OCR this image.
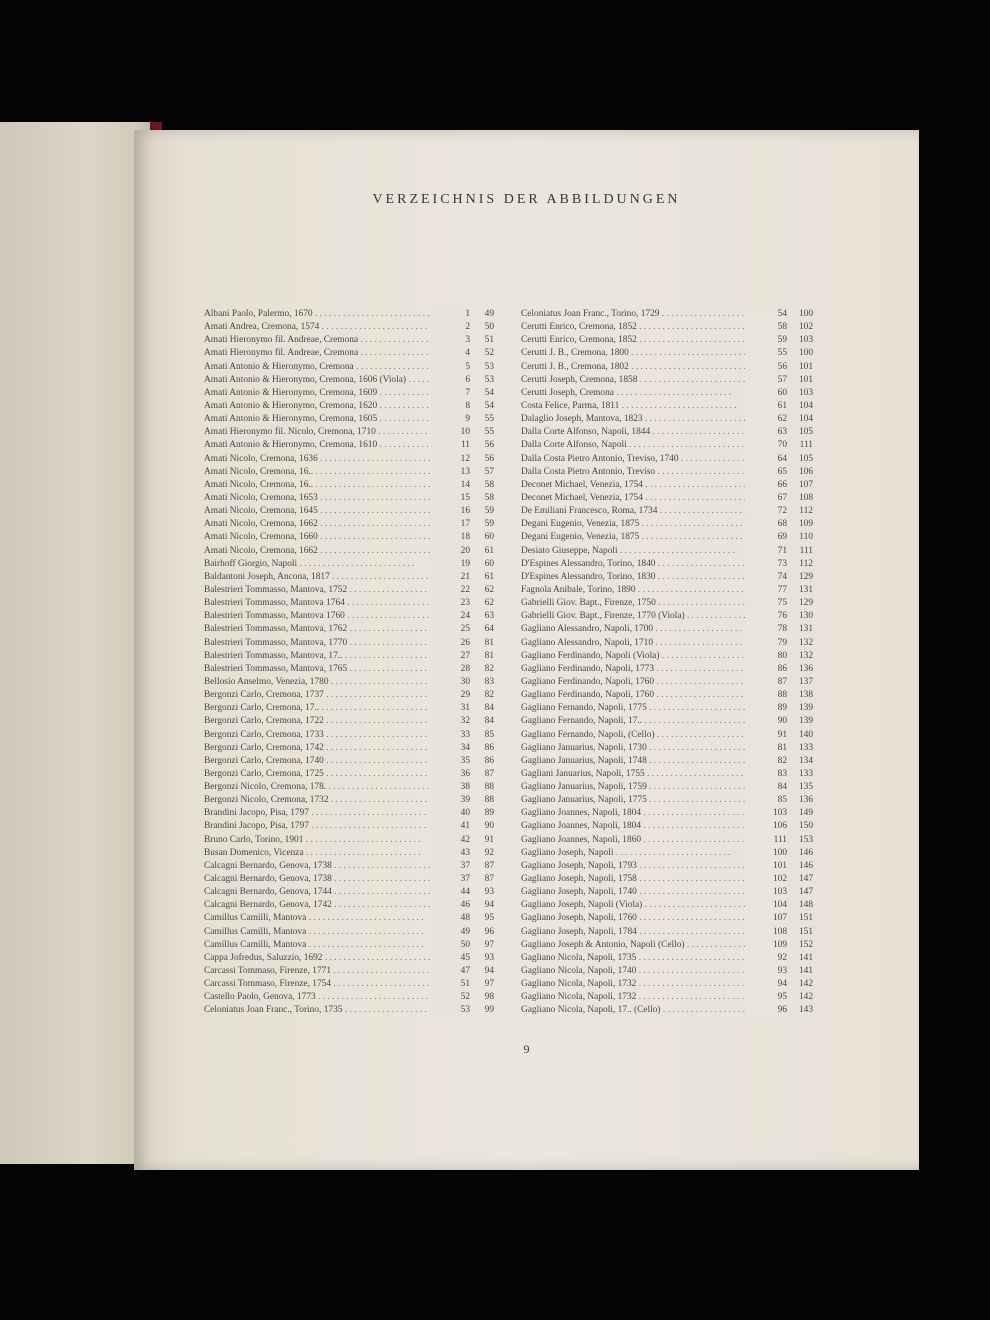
VERZEICHNIS DER ABBILDUNGEN
Albani Paolo, Palermo, 1670 . .	1	49
Amati Andrea, Cremona, 1574 . .	2	50
Amati Hieronymo fil. Andreae, Cremona . .	3	51
Amati Hieronymo fil. Andreae, Cremona . .	4	52
Amati Antonio & Hieronymo, Cremona . .	5	53
Amati Antonio & Hieronymo, Cremona, 1606 (Viola) . .	6	53
Amati Antonio & Hieronymo, Cremona, 1609 . .	7	54
Amati Antonio & Hieronymo, Cremona, 1620 . .	8	54
Amati Antonio & Hieronymo, Cremona, 1605 . .	9	55
Amati Hieronymo fil. Nicolo, Cremona, 1710 . .	10	55
Amati Antonio & Hieronymo, Cremona, 1610 . .	11	56
Amati Nicolo, Cremona, 1636 . .	12	56
Amati Nicolo, Cremona, 16.. . .	13	57
Amati Nicolo, Cremona, 16.. . .	14	58
Amati Nicolo, Cremona, 1653 . .	15	58
Amati Nicolo, Cremona, 1645 . .	16	59
Amati Nicolo, Cremona, 1662 . .	17	59
Amati Nicolo, Cremona, 1660 . .	18	60
Amati Nicolo, Cremona, 1662 . .	20	61
Bairhoff Giorgio, Napoli . .	19	60
Baldantoni Joseph, Ancona, 1817 . .	21	61
Balestrieri Tommasso, Mantova, 1752 . .	22	62
Balestrieri Tommasso, Mantova 1764 . .	23	62
Balestrieri Tommasso, Mantova 1760 . .	24	63
Balestrieri Tommasso, Mantova, 1762 . .	25	64
Balestrieri Tommasso, Mantova, 1770 . .	26	81
Balestrieri Tommasso, Mantova, 17.. . .	27	81
Balestrieri Tommasso, Mantova, 1765 . .	28	82
Bellosio Anselmo, Venezia, 1780 . .	30	83
Bergonzi Carlo, Cremona, 1737 . .	29	82
Bergonzi Carlo, Cremona, 17.. . .	31	84
Bergonzi Carlo, Cremona, 1722 . .	32	84
Bergonzi Carlo, Cremona, 1733 . .	33	85
Bergonzi Carlo, Cremona, 1742 . .	34	86
Bergonzi Carlo, Cremona, 1740 . .	35	86
Bergonzi Carlo, Cremona, 1725 . .	36	87
Bergonzi Nicolo, Cremona, 178. . .	38	88
Bergonzi Nicolo, Cremona, 1732 . .	39	88
Brandini Jacopo, Pisa, 1797 . .	40	89
Brandini Jacopo, Pisa, 1797 . .	41	90
Bruno Carlo, Torino, 1901 . .	42	91
Busan Domenico, Vicenza . .	43	92
Calcagni Bernardo, Genova, 1738 . .	37	87
Calcagni Bernardo, Genova, 1738 . .	37	87
Calcagni Bernardo, Genova, 1744 . .	44	93
Calcagni Bernardo, Genova, 1742 . .	46	94
Camillus Camilli, Mantova . .	48	95
Camillus Camilli, Mantova . .	49	96
Camillus Camilli, Mantova . .	50	97
Cappa Jofredus, Saluzzio, 1692 . .	45	93
Carcassi Tommaso, Firenze, 1771 . .	47	94
Carcassi Tommaso, Firenze, 1754 . .	51	97
Castello Paolo, Genova, 1773 . .	52	98
Celoniatus Joan Franc., Torino, 1735 . .	53	99
Celoniatus Joan Franc., Torino, 1729 . .	54	100
Cerutti Enrico, Cremona, 1852 . .	58	102
Cerutti Enrico, Cremona, 1852 . .	59	103
Cerutti J. B., Cremona, 1800 . .	55	100
Cerutti J. B., Cremona, 1802 . .	56	101
Cerutti Joseph, Cremona, 1858 . .	57	101
Cerutti Joseph, Cremona . .	60	103
Costa Felice, Parma, 1811 . .	61	104
Dalaglio Joseph, Mantova, 1823 . .	62	104
Dalla Corte Alfonso, Napoli, 1844 . .	63	105
Dalla Corte Alfonso, Napoli . .	70	111
Dalla Costa Pietro Antonio, Treviso, 1740 . .	64	105
Dalla Costa Pietro Antonio, Treviso . .	65	106
Deconet Michael, Venezia, 1754 . .	66	107
Deconet Michael, Venezia, 1754 . .	67	108
De Emiliani Francesco, Roma, 1734 . .	72	112
Degani Eugenio, Venezia, 1875 . .	68	109
Degani Eugenio, Venezia, 1875 . .	69	110
Desiato Giuseppe, Napoli . .	71	111
D'Espines Alessandro, Torino, 1840 . .	73	112
D'Espines Alessandro, Torino, 1830 . .	74	129
Fagnola Anibale, Torino, 1890 . .	77	131
Gabrielli Giov. Bapt., Firenze, 1750 . .	75	129
Gabrielli Giov. Bapt., Firenze, 1770 (Viola) . .	76	130
Gagliano Alessandro, Napoli, 1700 . .	78	131
Gagliano Alessandro, Napoli, 1710 . .	79	132
Gagliano Ferdinando, Napoli (Viola) . .	80	132
Gagliano Ferdinando, Napoli, 1773 . .	86	136
Gagliano Ferdinando, Napoli, 1760 . .	87	137
Gagliano Ferdinando, Napoli, 1760 . .	88	138
Gagliano Fernando, Napoli, 1775 . .	89	139
Gagliano Fernando, Napoli, 17.. . .	90	139
Gagliano Fernando, Napoli, (Cello) . .	91	140
Gagliano Januarius, Napoli, 1730 . .	81	133
Gagliano Januarius, Napoli, 1748 . .	82	134
Gagliani Januarius, Napoli, 1755 . .	83	133
Gagliano Januarius, Napoli, 1759 . .	84	135
Gagliano Januarius, Napoli, 1775 . .	85	136
Gagliano Joannes, Napoli, 1804 . .	103	149
Gagliano Joannes, Napoli, 1804 . .	106	150
Gagliano Joannes, Napoli, 1860 . .	111	153
Gagliano Joseph, Napoli . .	100	146
Gagliano Joseph, Napoli, 1793 . .	101	146
Gagliano Joseph, Napoli, 1758 . .	102	147
Gagliano Joseph, Napoli, 1740 . .	103	147
Gagliano Joseph, Napoli (Viola) . .	104	148
Gagliano Joseph, Napoli, 1760 . .	107	151
Gagliano Joseph, Napoli, 1784 . .	108	151
Gagliano Joseph & Antonio, Napoli (Cello) . .	109	152
Gagliano Nicola, Napoli, 1735 . .	92	141
Gagliano Nicola, Napoli, 1740 . .	93	141
Gagliano Nicola, Napoli, 1732 . .	94	142
Gagliano Nicola, Napoli, 1732 . .	95	142
Gagliano Nicola, Napoli, 17.. (Cello) . .	96	143
9
